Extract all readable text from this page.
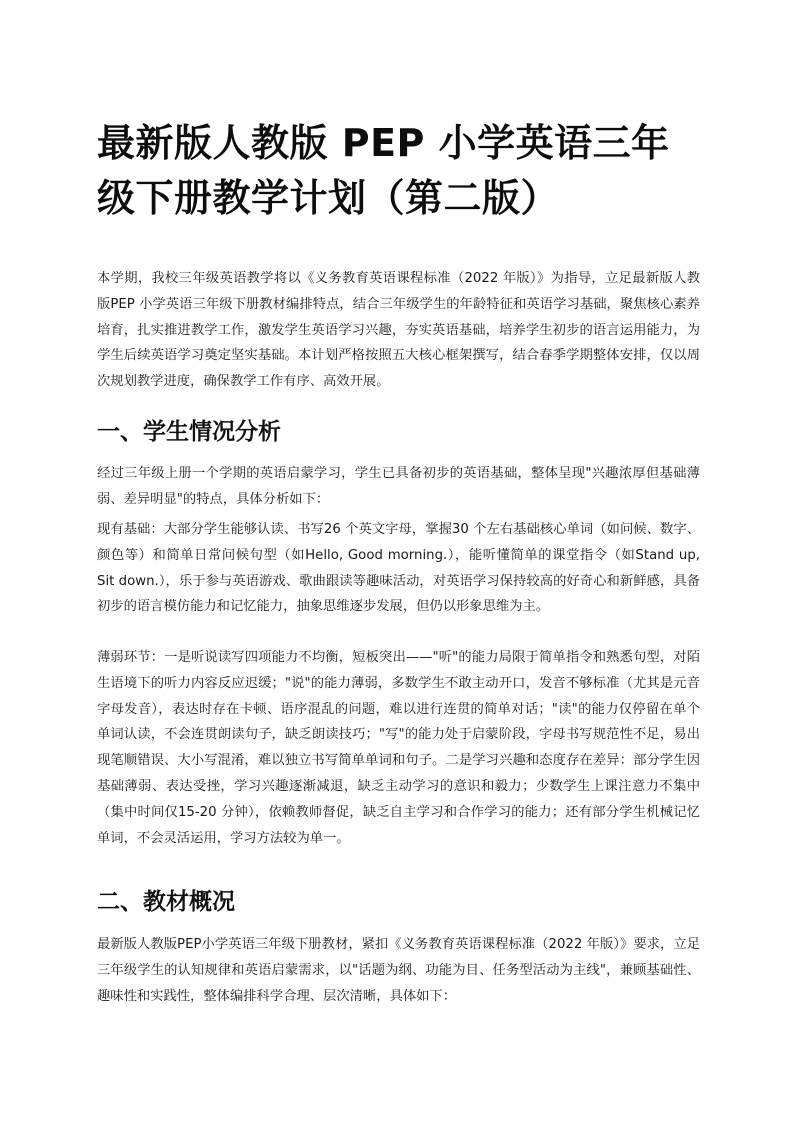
最新版人教版 PEP 小学英语三年级下册教学计划（第二版）

本学期，我校三年级英语教学将以《义务教育英语课程标准（2022 年版）》为指导，立足最新版人教版PEP 小学英语三年级下册教材编排特点，结合三年级学生的年龄特征和英语学习基础，聚焦核心素养培育，扎实推进教学工作，激发学生英语学习兴趣，夯实英语基础，培养学生初步的语言运用能力，为学生后续英语学习奠定坚实基础。本计划严格按照五大核心框架撰写，结合春季学期整体安排，仅以周次规划教学进度，确保教学工作有序、高效开展。

一、学生情况分析

经过三年级上册一个学期的英语启蒙学习，学生已具备初步的英语基础，整体呈现"兴趣浓厚但基础薄弱、差异明显"的特点，具体分析如下：

现有基础：大部分学生能够认读、书写26 个英文字母，掌握30 个左右基础核心单词（如问候、数字、颜色等）和简单日常问候句型（如Hello, Good morning.），能听懂简单的课堂指令（如Stand up, Sit down.），乐于参与英语游戏、歌曲跟读等趣味活动，对英语学习保持较高的好奇心和新鲜感，具备初步的语言模仿能力和记忆能力，抽象思维逐步发展，但仍以形象思维为主。

薄弱环节：一是听说读写四项能力不均衡，短板突出——"听"的能力局限于简单指令和熟悉句型，对陌生语境下的听力内容反应迟缓；"说"的能力薄弱，多数学生不敢主动开口，发音不够标准（尤其是元音字母发音），表达时存在卡顿、语序混乱的问题，难以进行连贯的简单对话；"读"的能力仅停留在单个单词认读，不会连贯朗读句子，缺乏朗读技巧；"写"的能力处于启蒙阶段，字母书写规范性不足，易出现笔顺错误、大小写混淆，难以独立书写简单单词和句子。二是学习兴趣和态度存在差异：部分学生因基础薄弱、表达受挫，学习兴趣逐渐减退，缺乏主动学习的意识和毅力；少数学生上课注意力不集中（集中时间仅15-20 分钟），依赖教师督促，缺乏自主学习和合作学习的能力；还有部分学生机械记忆单词，不会灵活运用，学习方法较为单一。

二、教材概况

最新版人教版PEP小学英语三年级下册教材，紧扣《义务教育英语课程标准（2022 年版）》要求，立足三年级学生的认知规律和英语启蒙需求，以"话题为纲、功能为目、任务型活动为主线"，兼顾基础性、趣味性和实践性，整体编排科学合理、层次清晰，具体如下：
